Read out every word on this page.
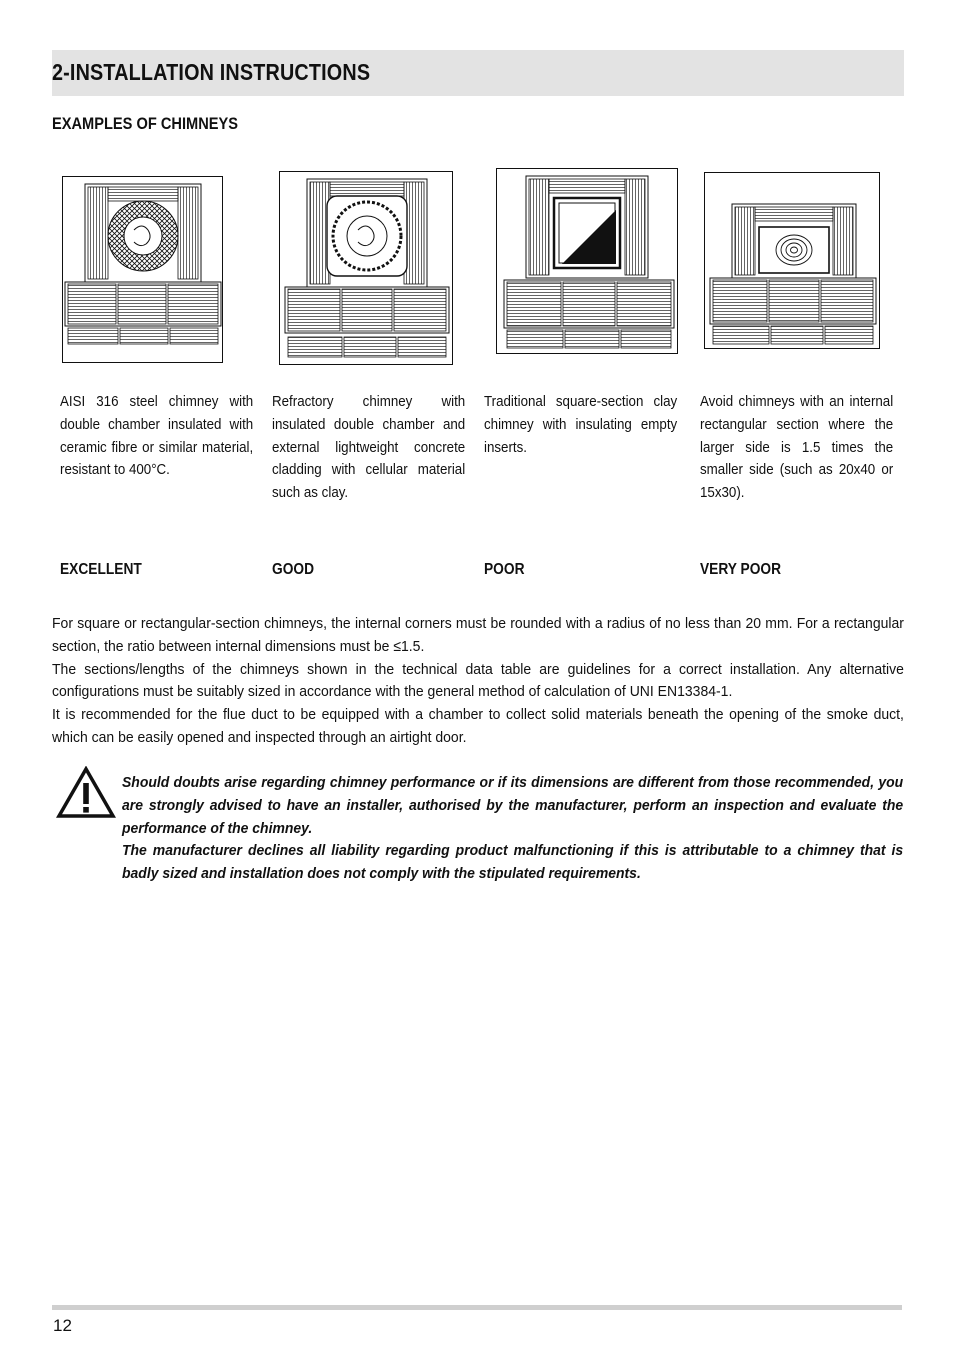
2-INSTALLATION INSTRUCTIONS
EXAMPLES OF CHIMNEYS

AISI 316 steel chimney with double chamber insulated with ceramic fibre or similar material, resistant to 400°C.

Refractory chimney with insulated double chamber and external lightweight concrete cladding with cellular material such as clay.

Traditional square-section clay chimney with insulating empty inserts.

Avoid chimneys with an internal rectangular section where the larger side is 1.5 times the smaller side (such as 20x40 or 15x30).

EXCELLENT	GOOD	POOR	VERY POOR

For square or rectangular-section chimneys, the internal corners must be rounded with a radius of no less than 20 mm. For a rectangular section, the ratio between internal dimensions must be ≤1.5.

The sections/lengths of the chimneys shown in the technical data table are guidelines for a correct installation. Any alternative configurations must be suitably sized in accordance with the general method of calculation of UNI EN13384-1.

It is recommended for the flue duct to be equipped with a chamber to collect solid materials beneath the opening of the smoke duct, which can be easily opened and inspected through an airtight door.

Should doubts arise regarding chimney performance or if its dimensions are different from those recommended, you are strongly advised to have an installer, authorised by the manufacturer, perform an inspection and evaluate the performance of the chimney.

The manufacturer declines all liability regarding product malfunctioning if this is attributable to a chimney that is badly sized and installation does not comply with the stipulated requirements.

12
